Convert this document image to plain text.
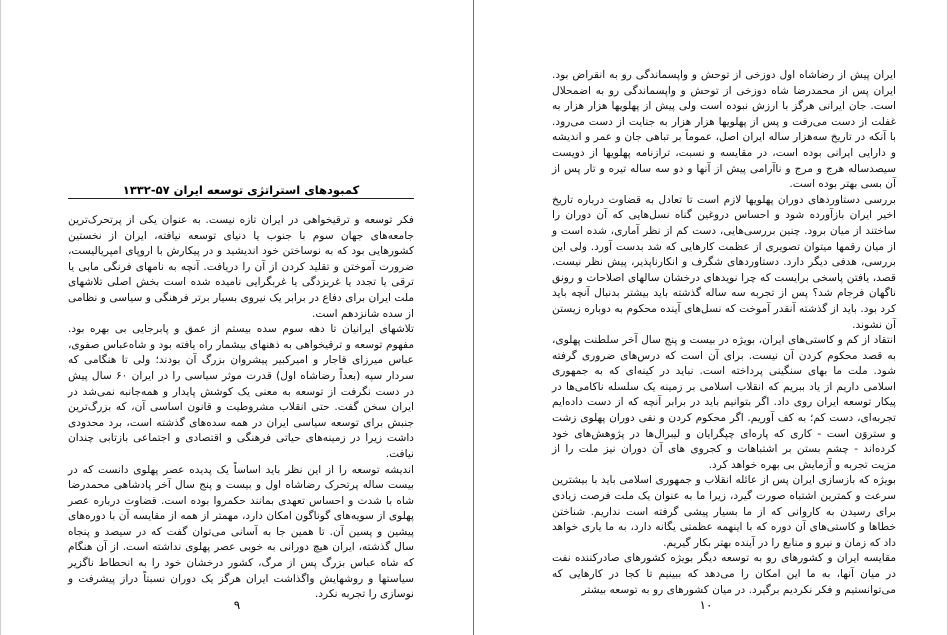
کمبودهای استراتژی توسعه ایران ۵۷-۱۳۳۲

فکر توسعه و ترقیخواهی در ایران تازه نیست. به عنوان یکی از پرتحرک‌ترین جامعه‌های جهان سوم با جنوب یا دنیای توسعه نیافته، ایران از نخستین کشورهایی بود که به نوساختن خود اندیشید و در پیکارش با اروپای امپریالیست، ضرورت آموختن و تقلید کردن از آن را دریافت. آنچه به نامهای فرنگی مابی یا ترقی یا تجدد یا غربزدگی یا غربگرایی نامیده شده است بخش اصلی تلاشهای ملت ایران برای دفاع در برابر یک نیروی بسیار برتر فرهنگی و سیاسی و نظامی از سده شانزدهم است.

تلاشهای ایرانیان تا دهه سوم سده بیستم از عمق و پابرجایی بی بهره بود. مفهوم توسعه و ترقیخواهی به ذهنهای بیشمار راه یافته بود و شاه‌عباس صفوی، عباس میرزای قاجار و امیرکبیر پیشروان بزرگ آن بودند؛ ولی تا هنگامی که سردار سپه (بعداً رضاشاه اول) قدرت موثر سیاسی را در ایران ۶۰ سال پیش در دست نگرفت از توسعه به معنی یک کوشش پایدار و همه‌جانبه نمی‌شد در ایران سخن گفت. حتی انقلاب مشروطیت و قانون اساسی آن، که بزرگ‌ترین جنبش برای توسعه سیاسی ایران در همه سده‌های گذشته است، برد محدودی داشت زیرا در زمینه‌های حیاتی فرهنگی و اقتصادی و اجتماعی بازتابی چندان نیافت.

اندیشه توسعه را از این نظر باید اساساً یک پدیده عصر پهلوی دانست که در بیست ساله پرتحرک رضاشاه اول و بیست و پنج سال آخر پادشاهی محمدرضا شاه با شدت و احساس تعهدی بمانند حکمروا بوده است. قضاوت درباره عصر پهلوی از سویه‌های گوناگون امکان دارد، مهمتر از همه از مقایسه آن با دوره‌های پیشین و پسین آن. تا همین جا به آسانی می‌توان گفت که در سیصد و پنجاه سال گذشته، ایران هیچ دورانی به خوبی عصر پهلوی نداشته است. از آن هنگام که شاه عباس بزرگ پس از مرگ، کشور درخشان خود را به انحطاط ناگزیر سیاستها و روشهایش واگذاشت ایران هرگز یک دوران نسبتاً دراز پیشرفت و نوسازی را تجربه نکرد.

۹

ایران پیش از رضاشاه اول دوزخی از توحش و واپسماندگی رو به انقراض بود. ایران پس از محمدرضا شاه دوزخی از توحش و واپسماندگی رو به اضمحلال است. جان ایرانی هرگز با ارزش نبوده است ولی پیش از پهلویها هزار هزار به غفلت از دست می‌رفت و پس از پهلویها هزار هزار به جنایت از دست می‌رود. با آنکه در تاریخ سه‌هزار ساله ایران اصل، عموماً بر تباهی جان و عمر و اندیشه و دارایی ایرانی بوده است، در مقایسه و نسبت، ترازنامه پهلویها از دویست سیصدساله هرج و مرج و ناآرامی پیش از آنها و دو سه ساله تیره و تار پس از آن بسی بهتر بوده است.

بررسی دستاوردهای دوران پهلویها لازم است تا تعادل به قضاوت درباره تاریخ اخیر ایران بازآورده شود و احساس دروغین گناه نسل‌هایی که آن دوران را ساختند از میان برود. چنین بررسی‌هایی، دست کم از نظر آماری، شده است و از میان رقمها میتوان تصویری از عظمت کارهایی که شد بدست آورد. ولی این بررسی، هدفی دیگر دارد. دستاوردهای شگرف و انکارناپذیر، پیش نظر نیست. قصد، یافتن پاسخی برایست که چرا نویدهای درخشان سالهای اصلاحات و رونق ناگهان فرجام شد؟ پس از تجربه سه ساله گذشته باید بیشتر بدنبال آنچه باید کرد بود. باید از گذشته آنقدر آموخت که نسل‌های آینده محکوم به دوباره زیستن آن نشوند.

انتقاد از کم و کاستی‌های ایران، بویژه در بیست و پنج سال آخر سلطنت پهلوی، به قصد محکوم کردن آن نیست. برای آن است که درس‌های ضروری گرفته شود. ملت ما بهای سنگینی پرداخته است. نباید در کینه‌ای که به جمهوری اسلامی داریم از یاد ببریم که انقلاب اسلامی بر زمینه یک سلسله ناکامی‌ها در پیکار توسعه ایران روی داد. اگر بتوانیم باید در برابر آنچه که از دست داده‌ایم تجربه‌ای، دست کم؛ به کف آوریم. اگر محکوم کردن و نفی دوران پهلوی زشت و ستروَن است - کاری که پاره‌ای چپگرایان و لیبرال‌ها در پژوهش‌های خود کرده‌اند - چشم بستن بر اشتباهات و کجروی های آن دوران نیز ملت را از مزیت تجربه و آزمایش بی بهره خواهد کرد.

بویژه که بازسازی ایران پس از عائله انقلاب و جمهوری اسلامی باید با بیشترین سرعت و کمترین اشتباه صورت گیرد، زیرا ما به عنوان یک ملت فرصت زیادی برای رسیدن به کاروانی که از ما بسیار پیشی گرفته است نداریم. شناختن خطاها و کاستی‌های آن دوره که با اینهمه عظمتی یگانه دارد، به ما یاری خواهد داد که زمان و نیرو و منابع را در آینده بهتر بکار گیریم.

مقایسه ایران و کشورهای رو به توسعه دیگر بویژه کشورهای صادرکننده نفت در میان آنها، به ما این امکان را می‌دهد که ببینیم تا کجا در کارهایی که می‌توانستیم و فکر نکردیم برگیرد. در میان کشورهای رو به توسعه بیشتر

۱۰
